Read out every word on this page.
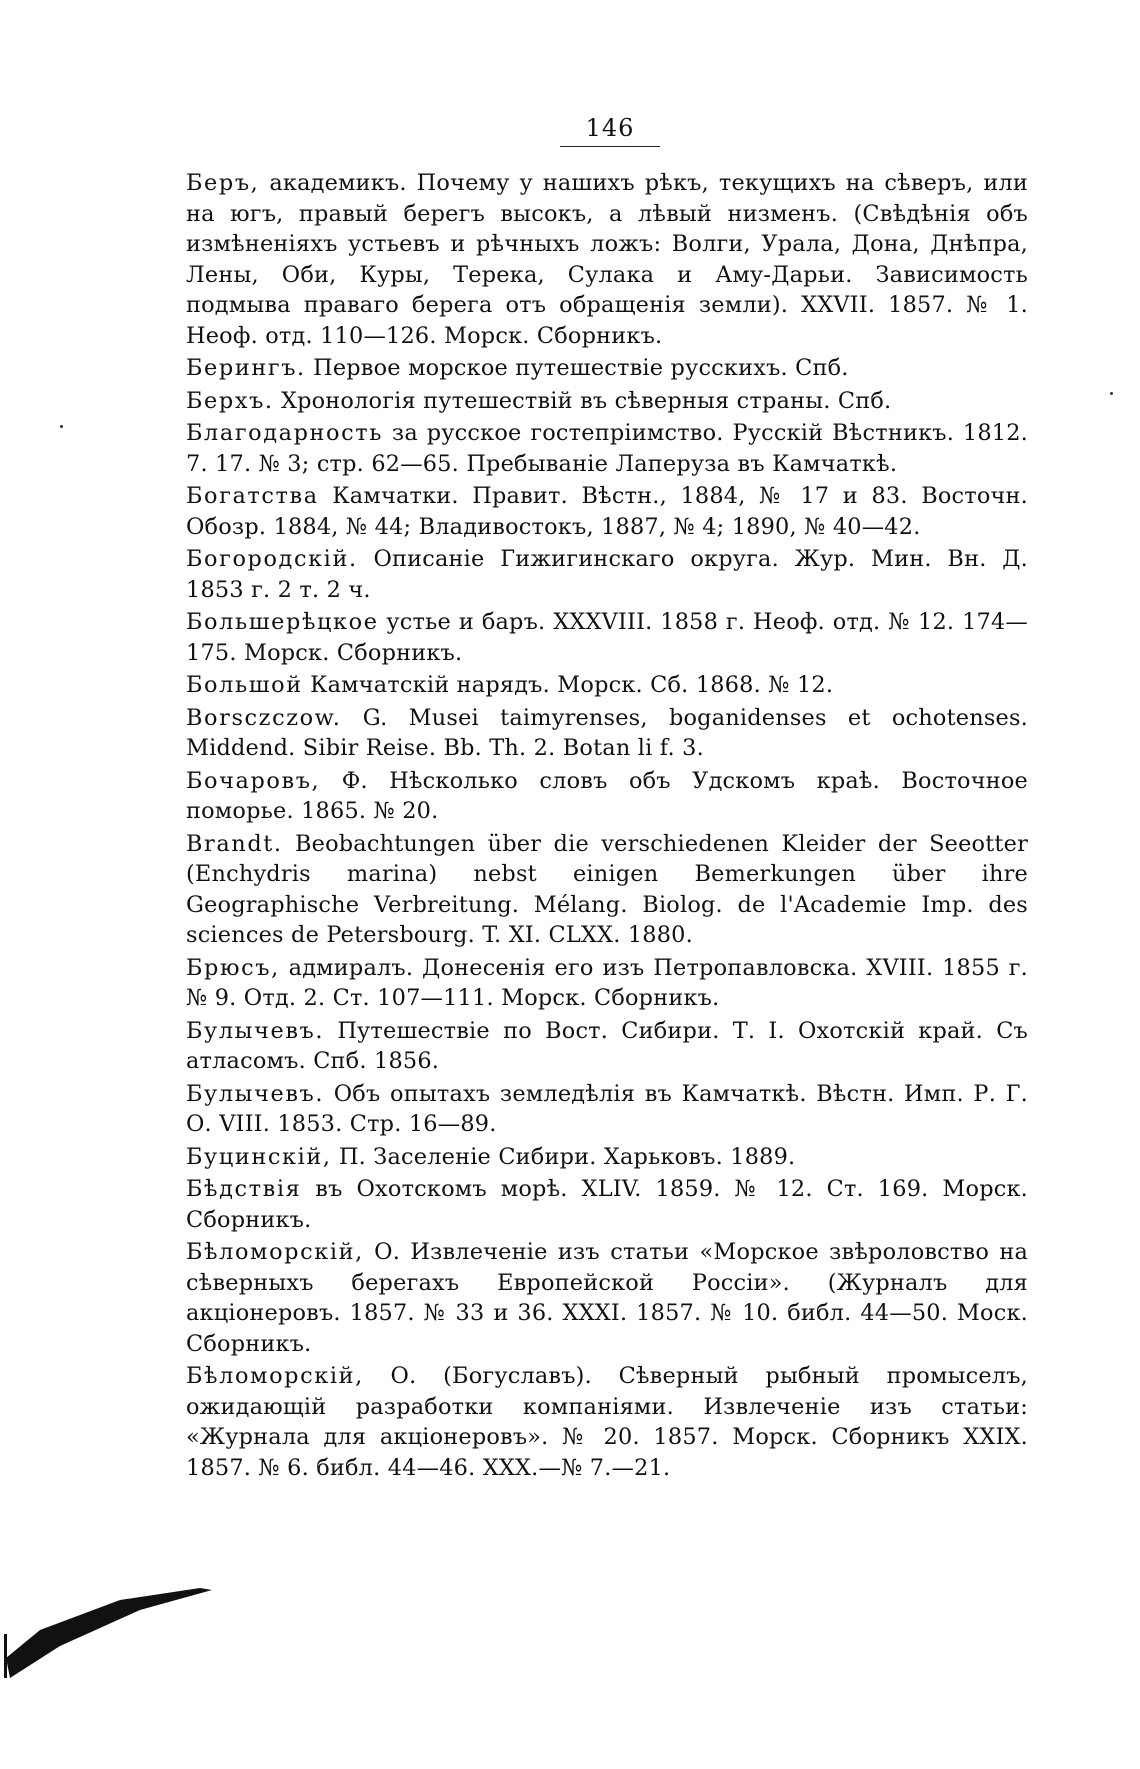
146

Беръ, академикъ. Почему у нашихъ рѣкъ, текущихъ на сѣверъ, или на югъ, правый берегъ высокъ, а лѣвый низменъ. (Свѣдѣнія объ измѣненіяхъ устьевъ и рѣчныхъ ложъ: Волги, Урала, Дона, Днѣпра, Лены, Оби, Куры, Терека, Сулака и Аму-Дарьи. Зависимость подмыва праваго берега отъ обращенія земли). XXVII. 1857. № 1. Неоф. отд. 110—126. Морск. Сборникъ.

Берингъ. Первое морское путешествіе русскихъ. Спб.

Берхъ. Хронологія путешествій въ сѣверныя страны. Спб.

Благодарность за русское гостепріимство. Русскій Вѣстникъ. 1812. 7. 17. № 3; стр. 62—65. Пребываніе Лаперуза въ Камчаткѣ.

Богатства Камчатки. Правит. Вѣстн., 1884, № 17 и 83. Восточн. Обозр. 1884, № 44; Владивостокъ, 1887, № 4; 1890, № 40—42.

Богородскій. Описаніе Гижигинскаго округа. Жур. Мин. Вн. Д. 1853 г. 2 т. 2 ч.

Большерѣцкое устье и баръ. XXXVIII. 1858 г. Неоф. отд. № 12. 174—175. Морск. Сборникъ.

Большой Камчатскій нарядъ. Морск. Сб. 1868. № 12.

Borsczczow. G. Musei taimyrenses, boganidenses et ochotenses. Middend. Sibir Reise. Bb. Th. 2. Botan li f. 3.

Бочаровъ, Ф. Нѣсколько словъ объ Удскомъ краѣ. Восточное поморье. 1865. № 20.

Brandt. Beobachtungen über die verschiedenen Kleider der Seeotter (Enchydris marina) nebst einigen Bemerkungen über ihre Geographische Verbreitung. Mélang. Biolog. de l'Academie Imp. des sciences de Petersbourg. T. XI. CLXX. 1880.

Брюсъ, адмиралъ. Донесенія его изъ Петропавловска. XVIII. 1855 г. № 9. Отд. 2. Ст. 107—111. Морск. Сборникъ.

Булычевъ. Путешествіе по Вост. Сибири. Т. I. Охотскій край. Съ атласомъ. Спб. 1856.

Булычевъ. Объ опытахъ земледѣлія въ Камчаткѣ. Вѣстн. Имп. Р. Г. О. VIII. 1853. Стр. 16—89.

Буцинскій, П. Заселеніе Сибири. Харьковъ. 1889.

Бѣдствія въ Охотскомъ морѣ. XLIV. 1859. № 12. Ст. 169. Морск. Сборникъ.

Бѣломорскій, О. Извлеченіе изъ статьи «Морское звѣроловство на сѣверныхъ берегахъ Европейской Россіи». (Журналъ для акціонеровъ. 1857. № 33 и 36. XXXI. 1857. № 10. библ. 44—50. Моск. Сборникъ.

Бѣломорскій, О. (Богуславъ). Сѣверный рыбный промыселъ, ожидающій разработки компаніями. Извлеченіе изъ статьи: «Журнала для акціонеровъ». № 20. 1857. Морск. Сборникъ XXIX. 1857. № 6. библ. 44—46. XXX.—№ 7.—21.
